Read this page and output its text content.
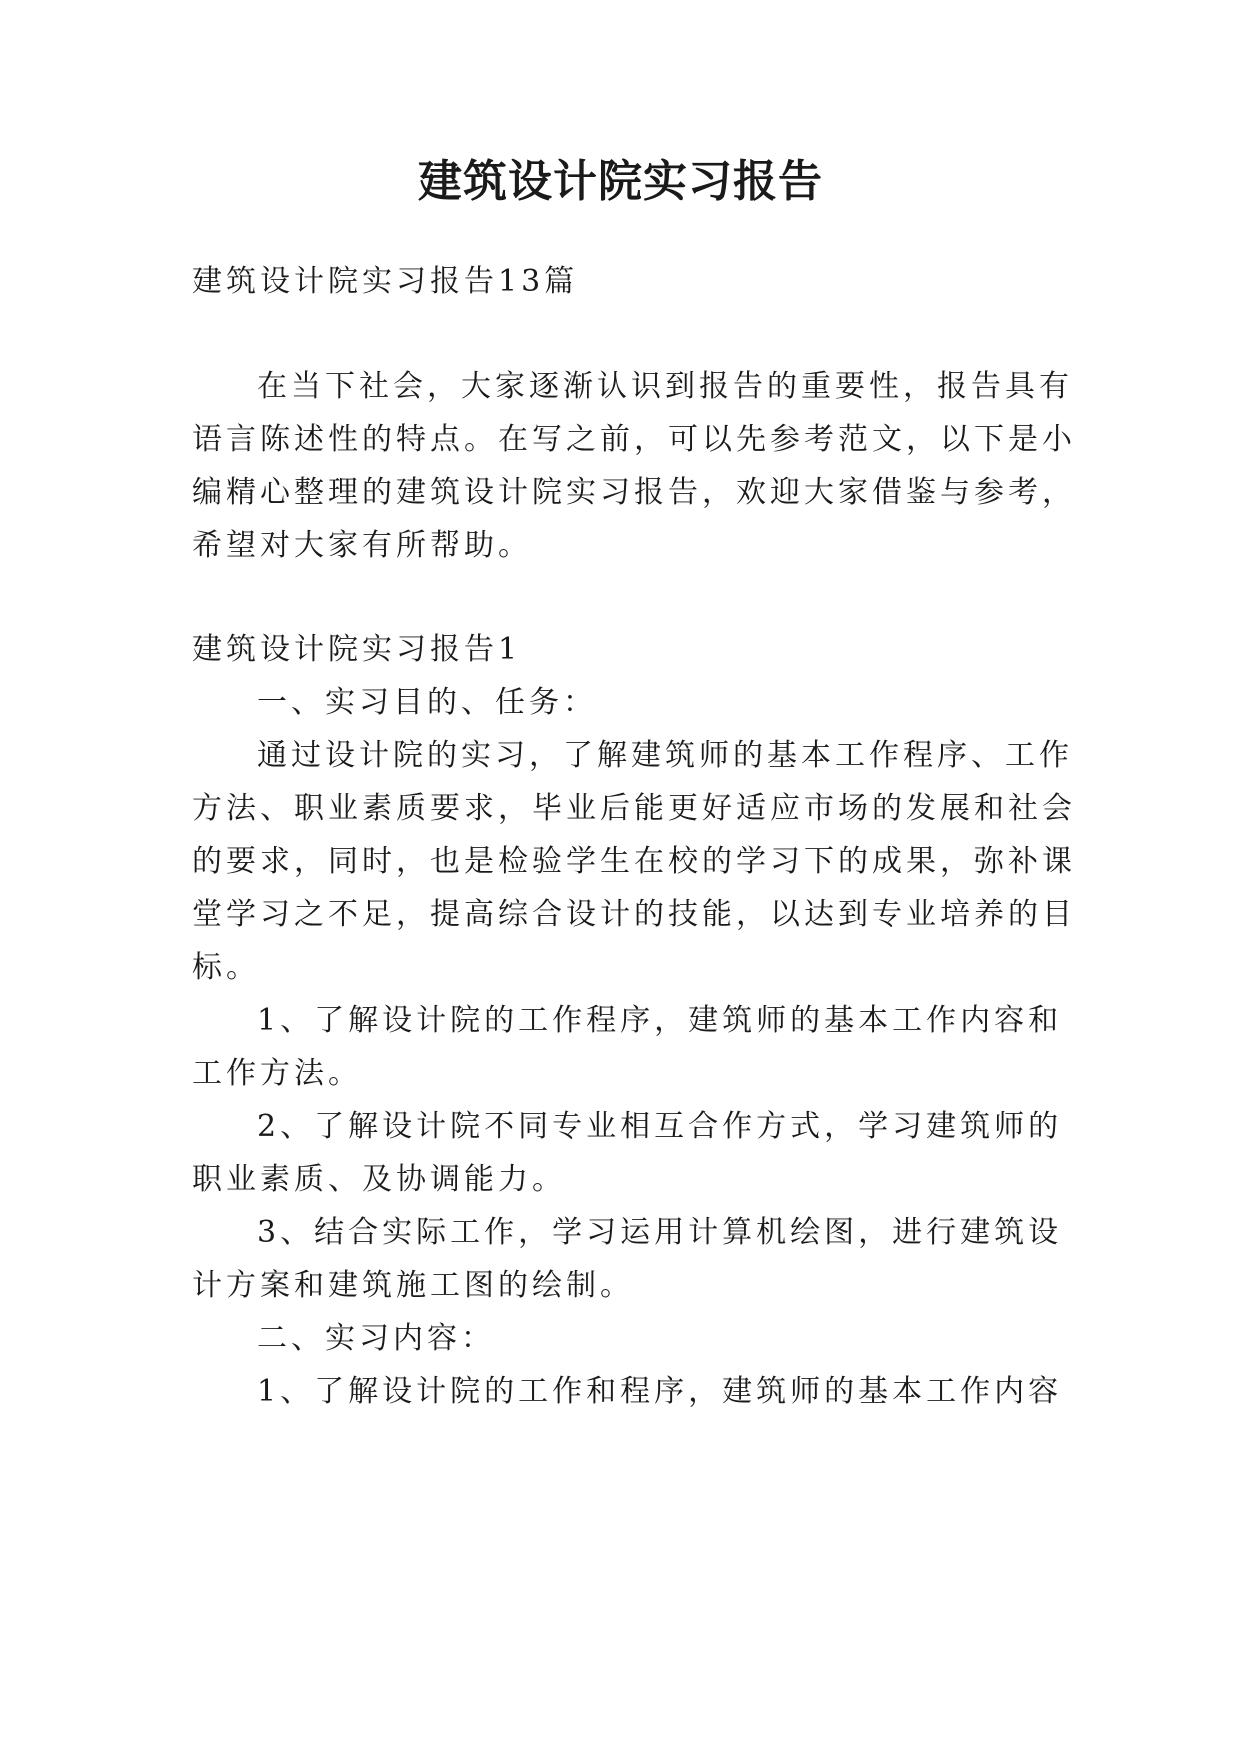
建筑设计院实习报告
建筑设计院实习报告13篇
在当下社会，大家逐渐认识到报告的重要性，报告具有
语言陈述性的特点。在写之前，可以先参考范文，以下是小
编精心整理的建筑设计院实习报告，欢迎大家借鉴与参考，
希望对大家有所帮助。
建筑设计院实习报告1
一、实习目的、任务：
通过设计院的实习，了解建筑师的基本工作程序、工作
方法、职业素质要求，毕业后能更好适应市场的发展和社会
的要求，同时，也是检验学生在校的学习下的成果，弥补课
堂学习之不足，提高综合设计的技能，以达到专业培养的目
标。
1、了解设计院的工作程序，建筑师的基本工作内容和
工作方法。
2、了解设计院不同专业相互合作方式，学习建筑师的
职业素质、及协调能力。
3、结合实际工作，学习运用计算机绘图，进行建筑设
计方案和建筑施工图的绘制。
二、实习内容：
1、了解设计院的工作和程序，建筑师的基本工作内容
